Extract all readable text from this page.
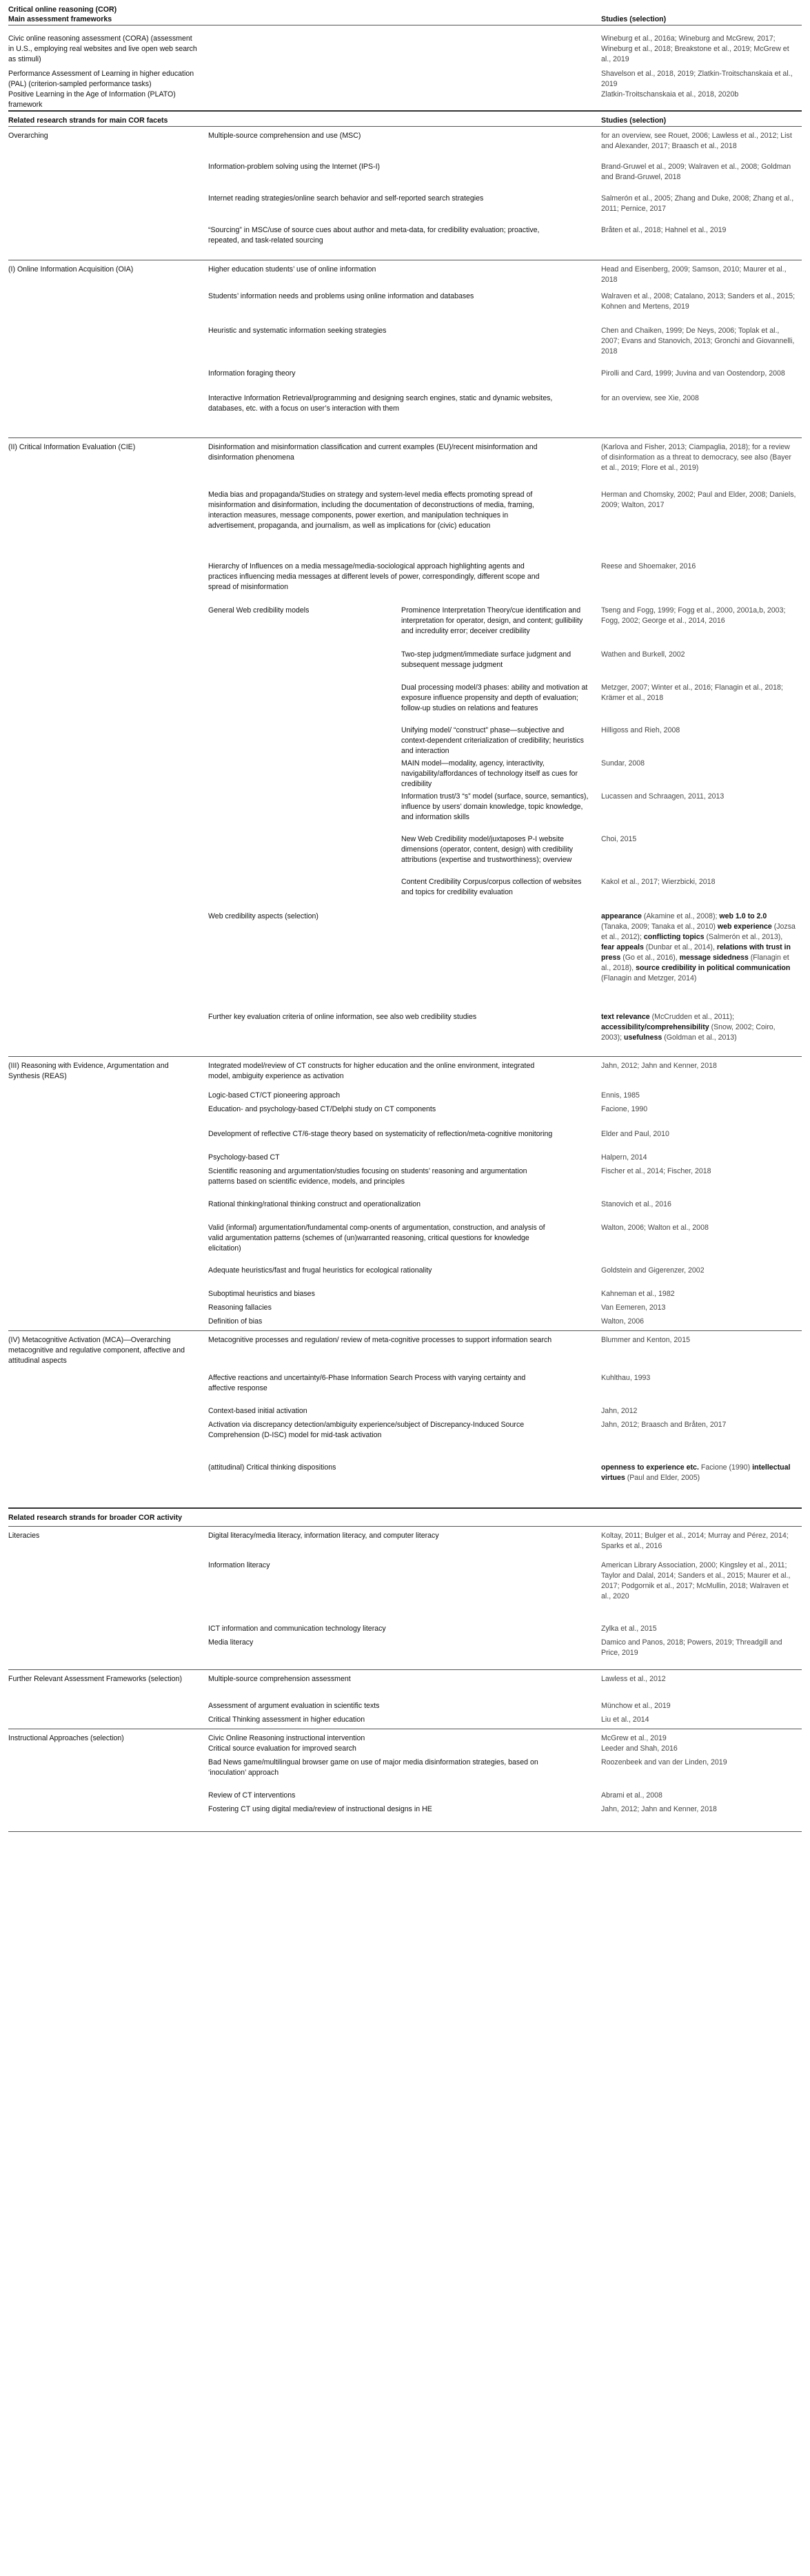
Critical online reasoning (COR)
Main assessment frameworks			Studies (selection)
Civic online reasoning assessment (CORA) (assessment in U.S., employing real websites and live open web search as stimuli)			Wineburg et al., 2016a; Wineburg and McGrew, 2017; Wineburg et al., 2018; Breakstone et al., 2019; McGrew et al., 2019
Performance Assessment of Learning in higher education (PAL) (criterion-sampled performance tasks)			Shavelson et al., 2018, 2019; Zlatkin-Troitschanskaia et al., 2019
Positive Learning in the Age of Information (PLATO) framework			Zlatkin-Troitschanskaia et al., 2018, 2020b
Related research strands for main COR facets			Studies (selection)
Overarching	Multiple-source comprehension and use (MSC)		for an overview, see Rouet, 2006; Lawless et al., 2012; List and Alexander, 2017; Braasch et al., 2018
	Information-problem solving using the Internet (IPS-I)		Brand-Gruwel et al., 2009; Walraven et al., 2008; Goldman and Brand-Gruwel, 2018
	Internet reading strategies/online search behavior and self-reported search strategies		Salmerón et al., 2005; Zhang and Duke, 2008; Zhang et al., 2011; Pernice, 2017
	“Sourcing” in MSC/use of source cues about author and meta-data, for credibility evaluation; proactive, repeated, and task-related sourcing		Bråten et al., 2018; Hahnel et al., 2019
(I) Online Information Acquisition (OIA)	Higher education students’ use of online information		Head and Eisenberg, 2009; Samson, 2010; Maurer et al., 2018
	Students’ information needs and problems using online information and databases		Walraven et al., 2008; Catalano, 2013; Sanders et al., 2015; Kohnen and Mertens, 2019
	Heuristic and systematic information seeking strategies		Chen and Chaiken, 1999; De Neys, 2006; Toplak et al., 2007; Evans and Stanovich, 2013; Gronchi and Giovannelli, 2018
	Information foraging theory		Pirolli and Card, 1999; Juvina and van Oostendorp, 2008
	Interactive Information Retrieval/programming and designing search engines, static and dynamic websites, databases, etc. with a focus on user’s interaction with them		for an overview, see Xie, 2008
(II) Critical Information Evaluation (CIE)	Disinformation and misinformation classification and current examples (EU)/recent misinformation and disinformation phenomena		(Karlova and Fisher, 2013; Ciampaglia, 2018); for a review of disinformation as a threat to democracy, see also (Bayer et al., 2019; Flore et al., 2019)
	Media bias and propaganda/Studies on strategy and system-level media effects promoting spread of misinformation and disinformation, including the documentation of deconstructions of media, framing, interaction measures, message components, power exertion, and manipulation techniques in advertisement, propaganda, and journalism, as well as implications for (civic) education		Herman and Chomsky, 2002; Paul and Elder, 2008; Daniels, 2009; Walton, 2017
	Hierarchy of Influences on a media message/media-sociological approach highlighting agents and practices influencing media messages at different levels of power, correspondingly, different scope and spread of misinformation		Reese and Shoemaker, 2016
	General Web credibility models	Prominence Interpretation Theory/cue identification and interpretation for operator, design, and content; gullibility and incredulity error; deceiver credibility	Tseng and Fogg, 1999; Fogg et al., 2000, 2001a,b, 2003; Fogg, 2002; George et al., 2014, 2016
		Two-step judgment/immediate surface judgment and subsequent message judgment	Wathen and Burkell, 2002
		Dual processing model/3 phases: ability and motivation at exposure influence propensity and depth of evaluation; follow-up studies on relations and features	Metzger, 2007; Winter et al., 2016; Flanagin et al., 2018; Krämer et al., 2018
		Unifying model/ “construct” phase—subjective and context-dependent criterialization of credibility; heuristics and interaction	Hilligoss and Rieh, 2008
		MAIN model—modality, agency, interactivity, navigability/affordances of technology itself as cues for credibility	Sundar, 2008
		Information trust/3 “s” model (surface, source, semantics), influence by users’ domain knowledge, topic knowledge, and information skills	Lucassen and Schraagen, 2011, 2013
		New Web Credibility model/juxtaposes P-I website dimensions (operator, content, design) with credibility attributions (expertise and trustworthiness); overview	Choi, 2015
		Content Credibility Corpus/corpus collection of websites and topics for credibility evaluation	Kakol et al., 2017; Wierzbicki, 2018
	Web credibility aspects (selection)		appearance (Akamine et al., 2008); web 1.0 to 2.0 (Tanaka, 2009; Tanaka et al., 2010) web experience (Jozsa et al., 2012); conflicting topics (Salmerón et al., 2013), fear appeals (Dunbar et al., 2014), relations with trust in press (Go et al., 2016), message sidedness (Flanagin et al., 2018), source credibility in political communication (Flanagin and Metzger, 2014)
	Further key evaluation criteria of online information, see also web credibility studies		text relevance (McCrudden et al., 2011); accessibility/comprehensibility (Snow, 2002; Coiro, 2003); usefulness (Goldman et al., 2013)
(III) Reasoning with Evidence, Argumentation and Synthesis (REAS)	Integrated model/review of CT constructs for higher education and the online environment, integrated model, ambiguity experience as activation		Jahn, 2012; Jahn and Kenner, 2018
	Logic-based CT/CT pioneering approach		Ennis, 1985
	Education- and psychology-based CT/Delphi study on CT components		Facione, 1990
	Development of reflective CT/6-stage theory based on systematicity of reflection/meta-cognitive monitoring		Elder and Paul, 2010
	Psychology-based CT		Halpern, 2014
	Scientific reasoning and argumentation/studies focusing on students’ reasoning and argumentation patterns based on scientific evidence, models, and principles		Fischer et al., 2014; Fischer, 2018
	Rational thinking/rational thinking construct and operationalization		Stanovich et al., 2016
	Valid (informal) argumentation/fundamental comp-onents of argumentation, construction, and analysis of valid argumentation patterns (schemes of (un)warranted reasoning, critical questions for knowledge elicitation)		Walton, 2006; Walton et al., 2008
	Adequate heuristics/fast and frugal heuristics for ecological rationality		Goldstein and Gigerenzer, 2002
	Suboptimal heuristics and biases		Kahneman et al., 1982
	Reasoning fallacies		Van Eemeren, 2013
	Definition of bias		Walton, 2006
(IV) Metacognitive Activation (MCA)—Overarching metacognitive and regulative component, affective and attitudinal aspects	Metacognitive processes and regulation/ review of meta-cognitive processes to support information search		Blummer and Kenton, 2015
	Affective reactions and uncertainty/6-Phase Information Search Process with varying certainty and affective response		Kuhlthau, 1993
	Context-based initial activation		Jahn, 2012
	Activation via discrepancy detection/ambiguity experience/subject of Discrepancy-Induced Source Comprehension (D-ISC) model for mid-task activation		Jahn, 2012; Braasch and Bråten, 2017
	(attitudinal) Critical thinking dispositions		openness to experience etc. Facione (1990) intellectual virtues (Paul and Elder, 2005)
Related research strands for broader COR activity			
Literacies	Digital literacy/media literacy, information literacy, and computer literacy		Koltay, 2011; Bulger et al., 2014; Murray and Pérez, 2014; Sparks et al., 2016
	Information literacy		American Library Association, 2000; Kingsley et al., 2011; Taylor and Dalal, 2014; Sanders et al., 2015; Maurer et al., 2017; Podgornik et al., 2017; McMullin, 2018; Walraven et al., 2020
	ICT information and communication technology literacy		Zylka et al., 2015
	Media literacy		Damico and Panos, 2018; Powers, 2019; Threadgill and Price, 2019
Further Relevant Assessment Frameworks (selection)	Multiple-source comprehension assessment		Lawless et al., 2012
	Assessment of argument evaluation in scientific texts		Münchow et al., 2019
	Critical Thinking assessment in higher education		Liu et al., 2014
Instructional Approaches (selection)	Civic Online Reasoning instructional intervention		McGrew et al., 2019
	Critical source evaluation for improved search		Leeder and Shah, 2016
	Bad News game/multilingual browser game on use of major media disinformation strategies, based on ‘inoculation’ approach		Roozenbeek and van der Linden, 2019
	Review of CT interventions		Abrami et al., 2008
	Fostering CT using digital media/review of instructional designs in HE		Jahn, 2012; Jahn and Kenner, 2018
